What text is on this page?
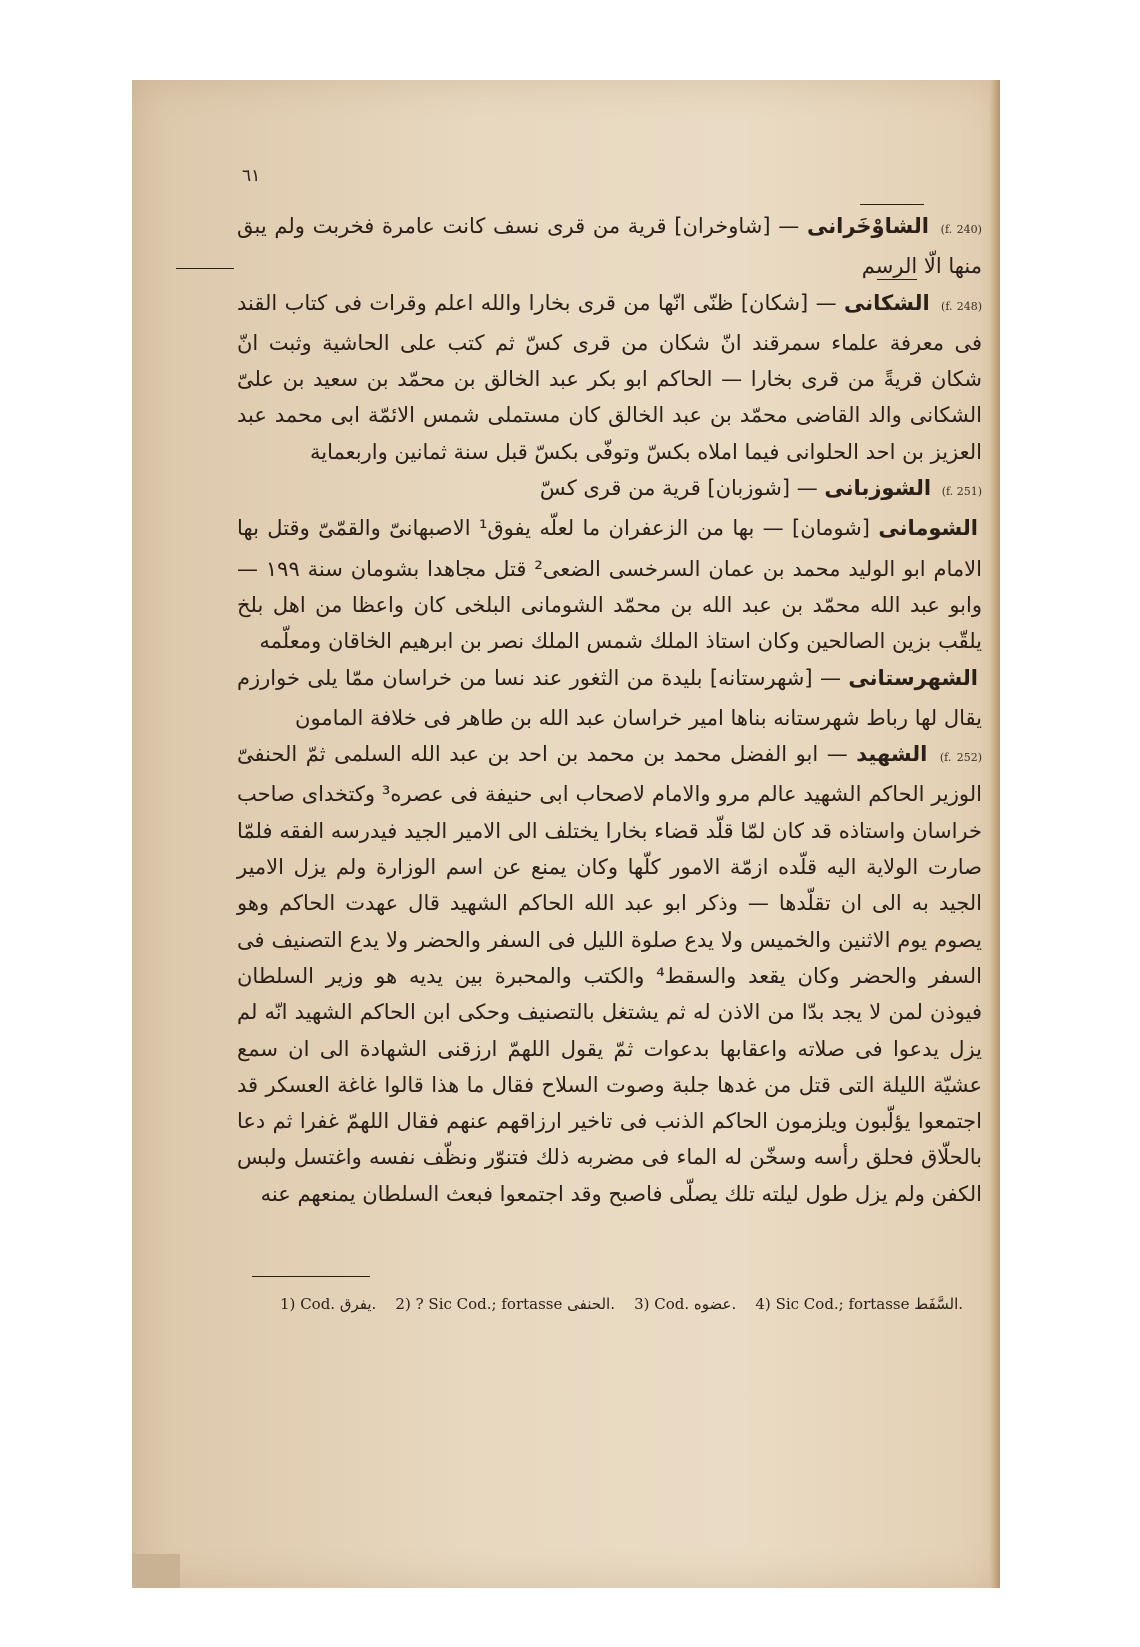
٦١

(f. 240) الشاوْخَرانى — [شاوخران] قرية من قرى نسف كانت عامرة فخربت ولم يبق منها الّا الرسم

(f. 248) الشكانى — [شكان] ظنّى انّها من قرى بخارا والله اعلم وقرات فى كتاب القند فى معرفة علماء سمرقند انّ شكان من قرى كسّ ثم كتب على الحاشية وثبت انّ شكان قريةً من قرى بخارا — الحاكم ابو بكر عبد الخالق بن محمّد بن سعيد بن علىّ الشكانى والد القاضى محمّد بن عبد الخالق كان مستملى شمس الائمّة ابى محمد عبد العزيز بن احد الحلوانى فيما املاه بكسّ وتوفّى بكسّ قبل سنة ثمانين واربعماية

(f. 251) الشوزبانى — [شوزبان] قرية من قرى كسّ

الشومانى [شومان] — بها من الزعفران ما لعلّه يفوق¹ الاصبهانىّ والقمّىّ وقتل بها الامام ابو الوليد محمد بن عمان السرخسى الضعى² قتل مجاهدا بشومان سنة ١٩٩ — وابو عبد الله محمّد بن عبد الله بن محمّد الشومانى البلخى كان واعظا من اهل بلخ يلقّب بزين الصالحين وكان استاذ الملك شمس الملك نصر بن ابرهيم الخاقان ومعلّمه

الشهرستانى — [شهرستانه] بليدة من الثغور عند نسا من خراسان ممّا يلى خوارزم يقال لها رباط شهرستانه بناها امير خراسان عبد الله بن طاهر فى خلافة المامون

(f. 252) الشهيد — ابو الفضل محمد بن محمد بن احد بن عبد الله السلمى ثمّ الحنفىّ الوزير الحاكم الشهيد عالم مرو والامام لاصحاب ابى حنيفة فى عصره³ وكتخداى صاحب خراسان واستاذه قد كان لمّا قلّد قضاء بخارا يختلف الى الامير الجيد فيدرسه الفقه فلمّا صارت الولاية اليه قلّده ازمّة الامور كلّها وكان يمنع عن اسم الوزارة ولم يزل الامير الجيد به الى ان تقلّدها — وذكر ابو عبد الله الحاكم الشهيد قال عهدت الحاكم وهو يصوم يوم الاثنين والخميس ولا يدع صلوة الليل فى السفر والحضر ولا يدع التصنيف فى السفر والحضر وكان يقعد والسقط⁴ والكتب والمحبرة بين يديه هو وزير السلطان فيوذن لمن لا يجد بدّا من الاذن له ثم يشتغل بالتصنيف وحكى ابن الحاكم الشهيد انّه لم يزل يدعوا فى صلاته واعقابها بدعوات ثمّ يقول اللهمّ ارزقنى الشهادة الى ان سمع عشيّة الليلة التى قتل من غدها جلبة وصوت السلاح فقال ما هذا قالوا غاغة العسكر قد اجتمعوا يؤلّبون ويلزمون الحاكم الذنب فى تاخير ارزاقهم عنهم فقال اللهمّ غفرا ثم دعا بالحلّاق فحلق رأسه وسخّن له الماء فى مضربه ذلك فتنوّر ونظّف نفسه واغتسل ولبس الكفن ولم يزل طول ليلته تلك يصلّى فاصبح وقد اجتمعوا فبعث السلطان يمنعهم عنه

1) Cod. يفرق. 2) ? Sic Cod.; fortasse الحنفى. 3) Cod. عضوه. 4) Sic Cod.; fortasse السَّفَط.
